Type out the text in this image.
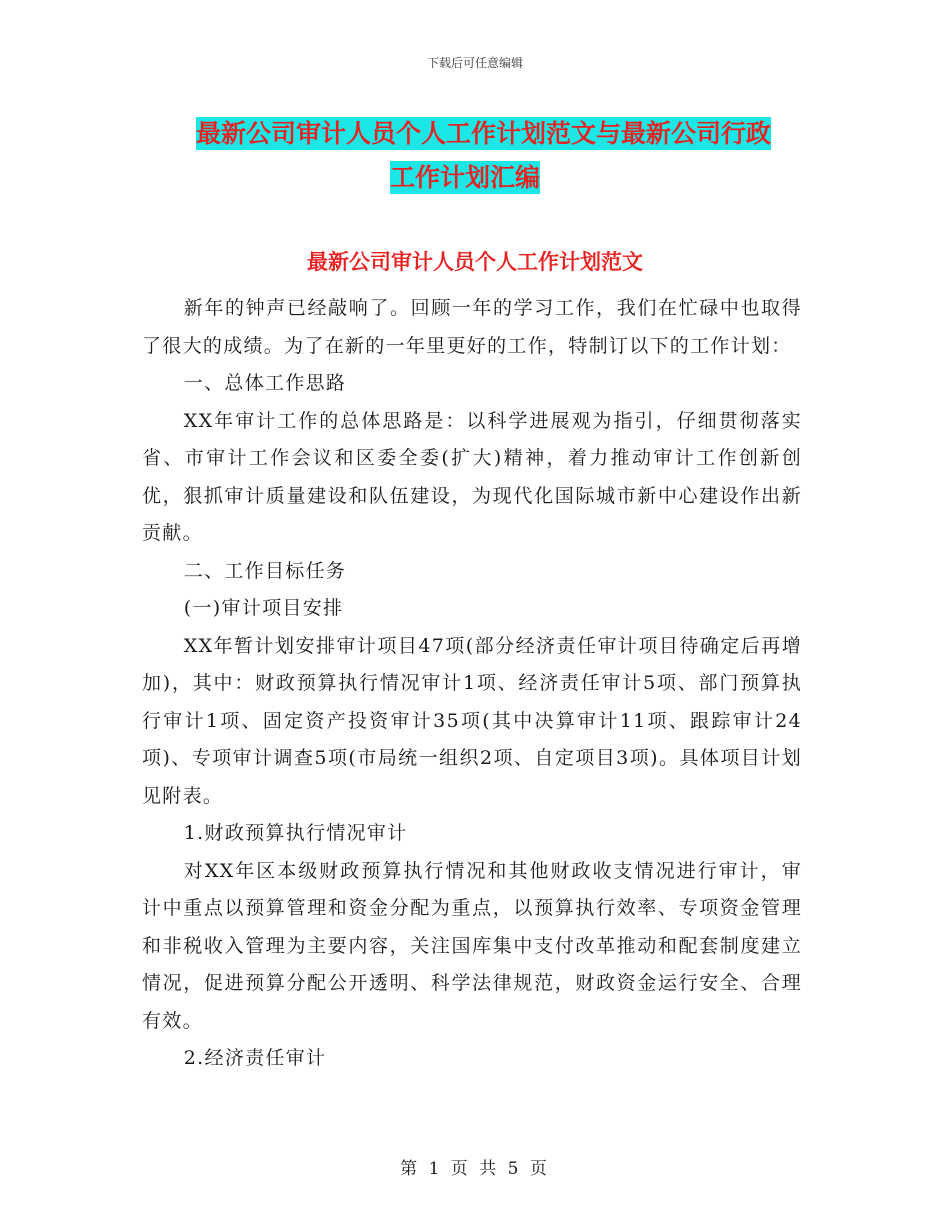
下载后可任意编辑
最新公司审计人员个人工作计划范文与最新公司行政
工作计划汇编
最新公司审计人员个人工作计划范文

新年的钟声已经敲响了。回顾一年的学习工作，我们在忙碌中也取得了很大的成绩。为了在新的一年里更好的工作，特制订以下的工作计划：

一、总体工作思路

XX年审计工作的总体思路是：以科学进展观为指引，仔细贯彻落实省、市审计工作会议和区委全委(扩大)精神，着力推动审计工作创新创优，狠抓审计质量建设和队伍建设，为现代化国际城市新中心建设作出新贡献。

二、工作目标任务

(一)审计项目安排

XX年暂计划安排审计项目47项(部分经济责任审计项目待确定后再增加)，其中：财政预算执行情况审计1项、经济责任审计5项、部门预算执行审计1项、固定资产投资审计35项(其中决算审计11项、跟踪审计24项)、专项审计调查5项(市局统一组织2项、自定项目3项)。具体项目计划见附表。

1.财政预算执行情况审计

对XX年区本级财政预算执行情况和其他财政收支情况进行审计，审计中重点以预算管理和资金分配为重点，以预算执行效率、专项资金管理和非税收入管理为主要内容，关注国库集中支付改革推动和配套制度建立情况，促进预算分配公开透明、科学法律规范，财政资金运行安全、合理有效。

2.经济责任审计

第 1 页 共 5 页
